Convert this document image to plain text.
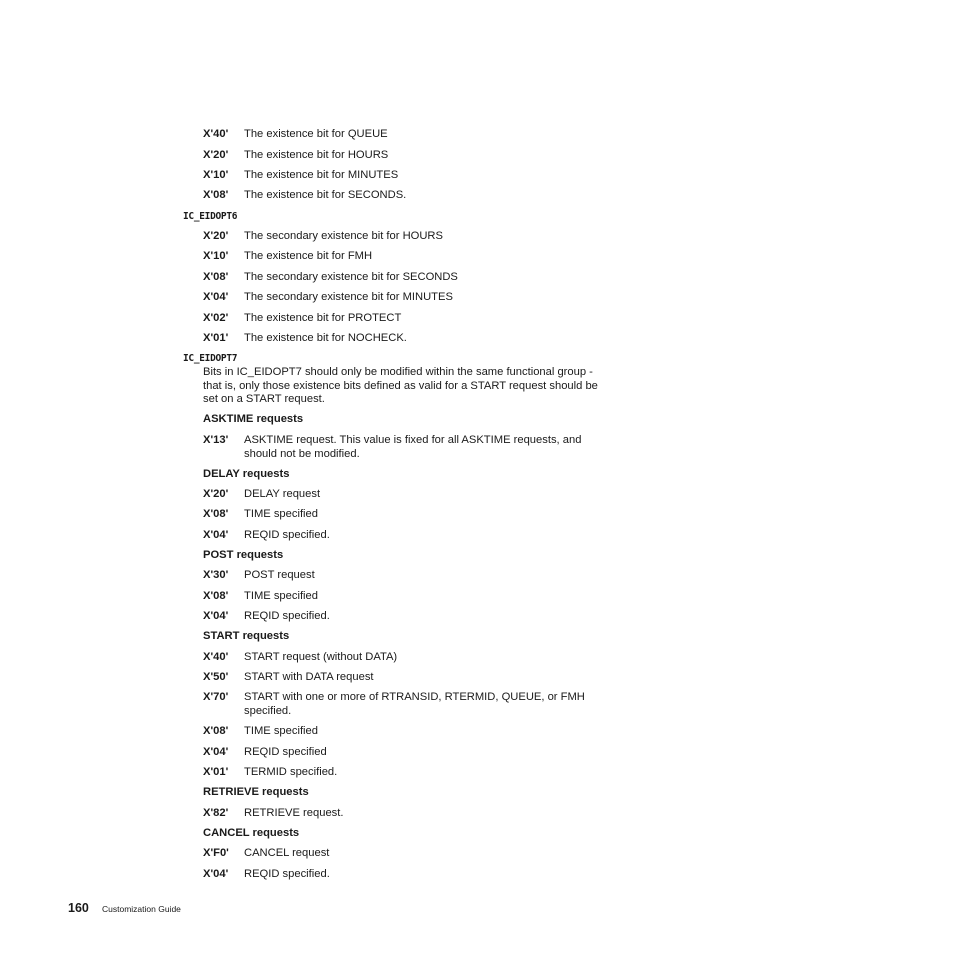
X'40' The existence bit for QUEUE
X'20' The existence bit for HOURS
X'10' The existence bit for MINUTES
X'08' The existence bit for SECONDS.
IC_EIDOPT6
X'20' The secondary existence bit for HOURS
X'10' The existence bit for FMH
X'08' The secondary existence bit for SECONDS
X'04' The secondary existence bit for MINUTES
X'02' The existence bit for PROTECT
X'01' The existence bit for NOCHECK.
IC_EIDOPT7
Bits in IC_EIDOPT7 should only be modified within the same functional group - that is, only those existence bits defined as valid for a START request should be set on a START request.
ASKTIME requests
X'13' ASKTIME request. This value is fixed for all ASKTIME requests, and should not be modified.
DELAY requests
X'20' DELAY request
X'08' TIME specified
X'04' REQID specified.
POST requests
X'30' POST request
X'08' TIME specified
X'04' REQID specified.
START requests
X'40' START request (without DATA)
X'50' START with DATA request
X'70' START with one or more of RTRANSID, RTERMID, QUEUE, or FMH specified.
X'08' TIME specified
X'04' REQID specified
X'01' TERMID specified.
RETRIEVE requests
X'82' RETRIEVE request.
CANCEL requests
X'F0' CANCEL request
X'04' REQID specified.
160 Customization Guide
